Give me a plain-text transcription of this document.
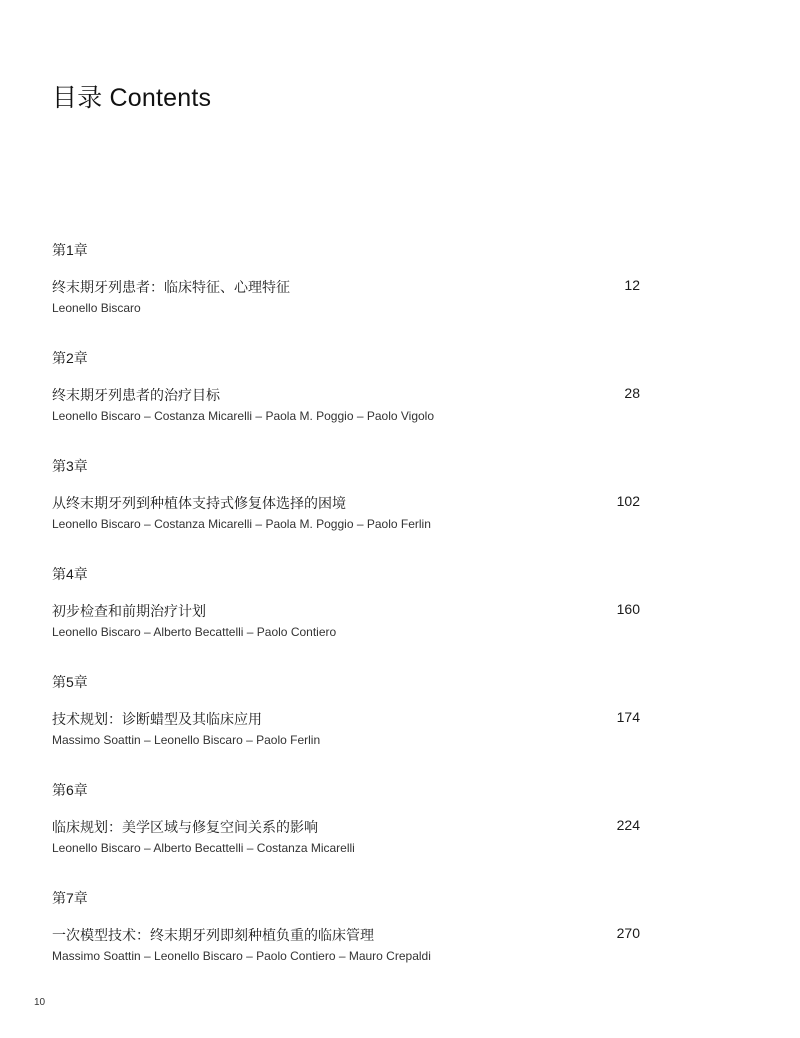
目录 Contents
第1章
终末期牙列患者：临床特征、心理特征	12
Leonello Biscaro
第2章
终末期牙列患者的治疗目标	28
Leonello Biscaro – Costanza Micarelli – Paola M. Poggio – Paolo Vigolo
第3章
从终末期牙列到种植体支持式修复体选择的困境	102
Leonello Biscaro – Costanza Micarelli – Paola M. Poggio – Paolo Ferlin
第4章
初步检查和前期治疗计划	160
Leonello Biscaro – Alberto Becattelli – Paolo Contiero
第5章
技术规划：诊断蜡型及其临床应用	174
Massimo Soattin – Leonello Biscaro – Paolo Ferlin
第6章
临床规划：美学区域与修复空间关系的影响	224
Leonello Biscaro – Alberto Becattelli – Costanza Micarelli
第7章
一次模型技术：终末期牙列即刻种植负重的临床管理	270
Massimo Soattin – Leonello Biscaro – Paolo Contiero – Mauro Crepaldi
10
